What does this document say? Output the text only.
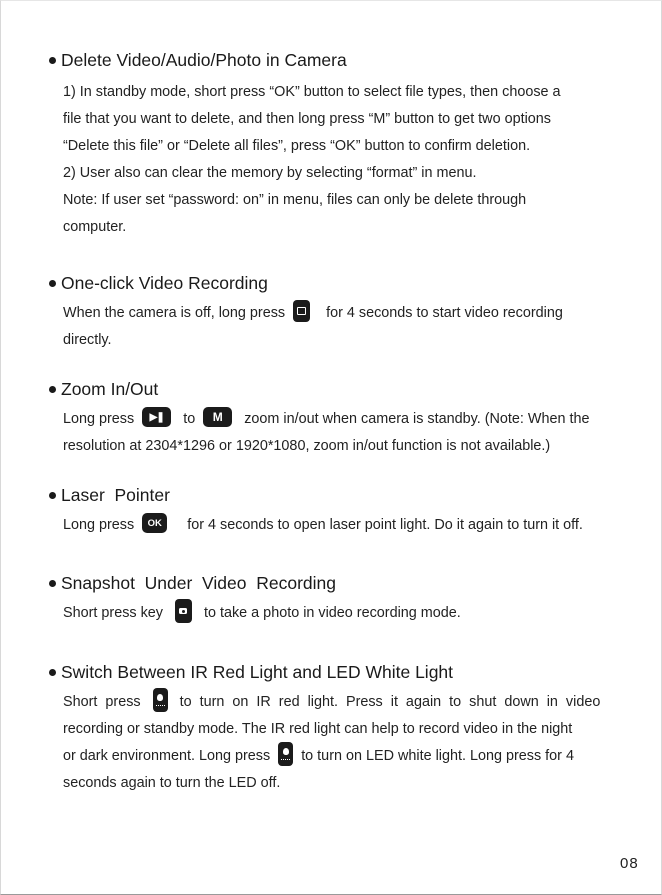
Delete Video/Audio/Photo in Camera
1) In standby mode, short press “OK” button to select file types, then choose a
file that you want to delete, and then long press “M” button to get two options
“Delete this file” or “Delete all files”, press “OK” button to confirm deletion.
2) User also can clear the memory by selecting “format” in menu.
Note: If user set “password: on” in menu, files can only be delete through
computer.
One-click Video Recording
When the camera is off, long press	for 4 seconds to start video recording
directly.
Zoom In/Out
Long press ▶❚ to M zoom in/out when camera is standby. (Note: When the
resolution at 2304*1296 or 1920*1080, zoom in/out function is not available.)
Laser  Pointer
Long press OK for 4 seconds to open laser point light. Do it again to turn it off.
Snapshot  Under  Video  Recording
Short press key	to take a photo in video recording mode.
Switch Between IR Red Light and LED White Light
Short  press	to  turn  on  IR  red  light.  Press  it  again  to  shut  down  in  video
recording or standby mode. The IR red light can help to record video in the night
or dark environment. Long press to turn on LED white light. Long press for 4
seconds again to turn the LED off.
08
